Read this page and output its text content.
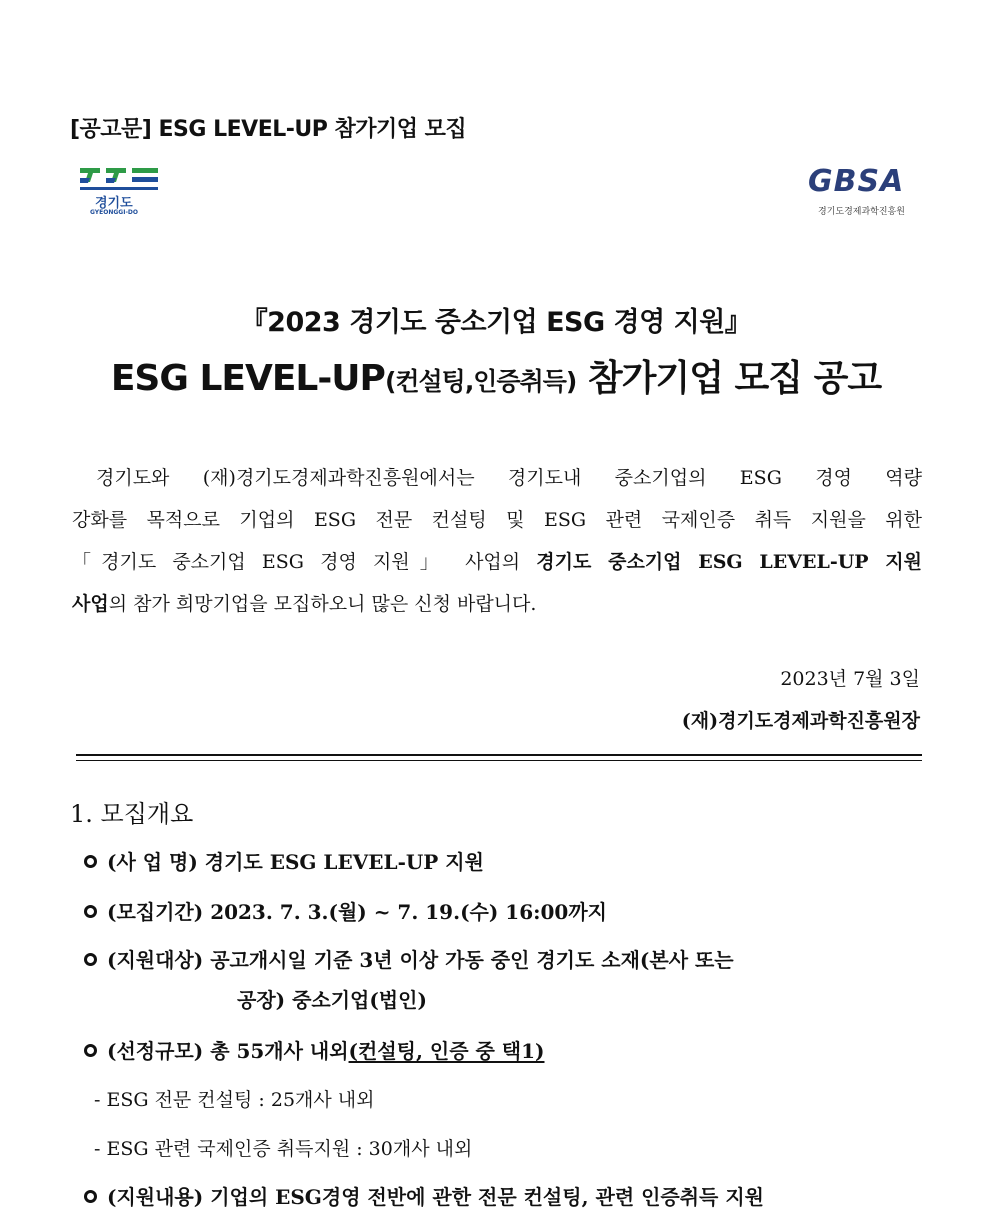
[공고문] ESG LEVEL-UP 참가기업 모집
경기도
GYEONGGI-DO
GBSA
경기도경제과학진흥원
『2023 경기도 중소기업 ESG 경영 지원』
ESG LEVEL-UP(컨설팅,인증취득) 참가기업 모집 공고
경기도와 (재)경기도경제과학진흥원에서는 경기도내 중소기업의 ESG 경영 역량
강화를 목적으로 기업의 ESG 전문 컨설팅 및 ESG 관련 국제인증 취득 지원을 위한
「경기도 중소기업 ESG 경영 지원」 사업의 경기도 중소기업 ESG LEVEL-UP 지원
사업의 참가 희망기업을 모집하오니 많은 신청 바랍니다.
2023년 7월 3일
(재)경기도경제과학진흥원장
1. 모집개요
(사 업 명) 경기도 ESG LEVEL-UP 지원
(모집기간) 2023. 7. 3.(월) ~ 7. 19.(수) 16:00까지
(지원대상) 공고개시일 기준 3년 이상 가동 중인 경기도 소재(본사 또는
공장) 중소기업(법인)
(선정규모) 총 55개사 내외(컨설팅, 인증 중 택1)
- ESG 전문 컨설팅 : 25개사 내외
- ESG 관련 국제인증 취득지원 : 30개사 내외
(지원내용) 기업의 ESG경영 전반에 관한 전문 컨설팅, 관련 인증취득 지원
